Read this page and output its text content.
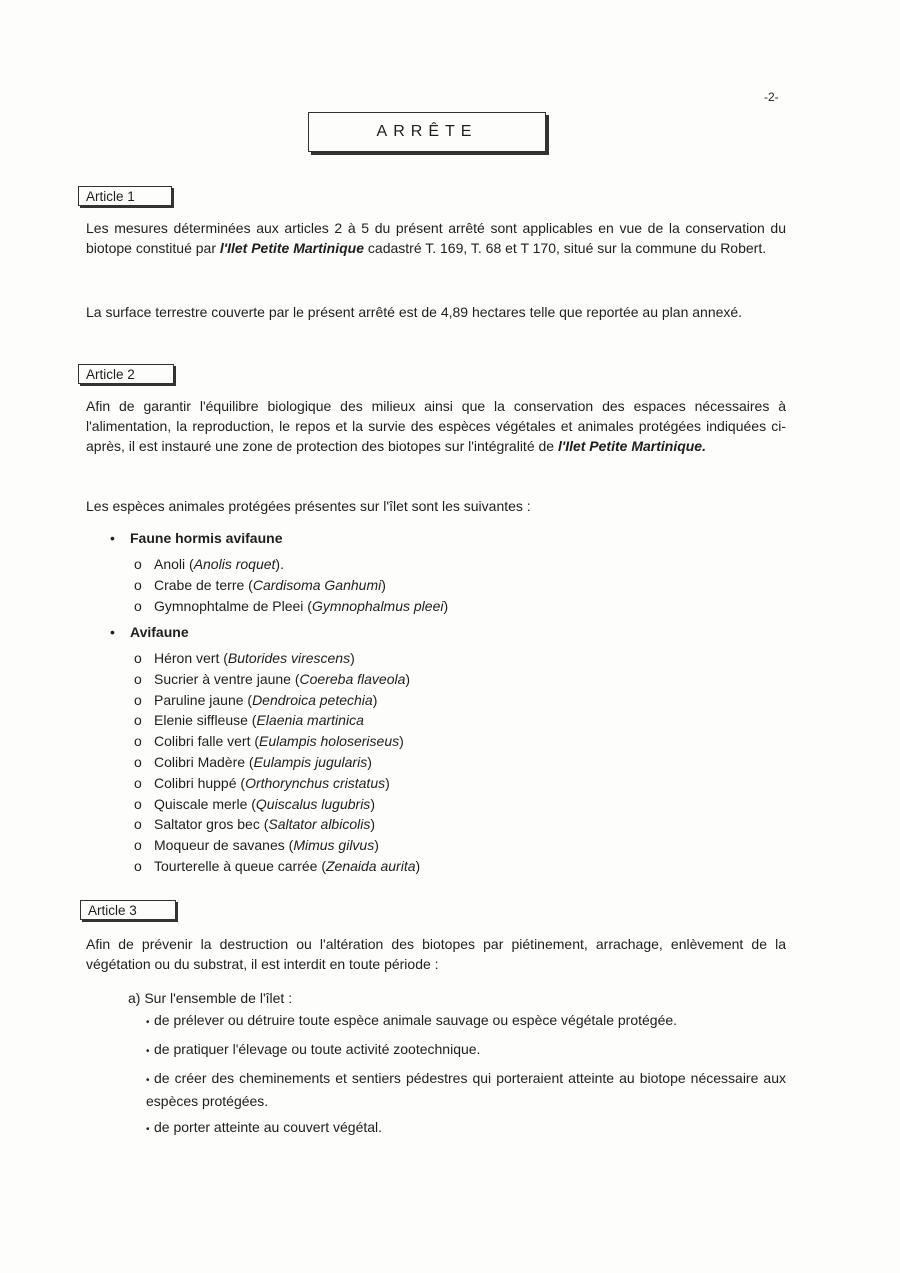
-2-
ARRÊTE
Article 1

Les mesures déterminées aux articles 2 à 5 du présent arrêté sont applicables en vue de la conservation du biotope constitué par l'Ilet Petite Martinique cadastré T. 169, T. 68 et T 170, situé sur la commune du Robert.

La surface terrestre couverte par le présent arrêté est de 4,89 hectares telle que reportée au plan annexé.

Article 2

Afin de garantir l'équilibre biologique des milieux ainsi que la conservation des espaces nécessaires à l'alimentation, la reproduction, le repos et la survie des espèces végétales et animales protégées indiquées ci-après, il est instauré une zone de protection des biotopes sur l'intégralité de l'Ilet Petite Martinique.

Les espèces animales protégées présentes sur l'îlet sont les suivantes :

• Faune hormis avifaune
o Anoli (Anolis roquet).
o Crabe de terre (Cardisoma Ganhumi)
o Gymnophtalme de Pleei (Gymnophalmus pleei)
• Avifaune
o Héron vert (Butorides virescens)
o Sucrier à ventre jaune (Coereba flaveola)
o Paruline jaune (Dendroica petechia)
o Elenie siffleuse (Elaenia martinica
o Colibri falle vert (Eulampis holoseriseus)
o Colibri Madère (Eulampis jugularis)
o Colibri huppé (Orthorynchus cristatus)
o Quiscale merle (Quiscalus lugubris)
o Saltator gros bec (Saltator albicolis)
o Moqueur de savanes (Mimus gilvus)
o Tourterelle à queue carrée (Zenaida aurita)
Article 3

Afin de prévenir la destruction ou l'altération des biotopes par piétinement, arrachage, enlèvement de la végétation ou du substrat, il est interdit en toute période :

a) Sur l'ensemble de l'îlet :
• de prélever ou détruire toute espèce animale sauvage ou espèce végétale protégée.
• de pratiquer l'élevage ou toute activité zootechnique.
• de créer des cheminements et sentiers pédestres qui porteraient atteinte au biotope nécessaire aux espèces protégées.
• de porter atteinte au couvert végétal.
